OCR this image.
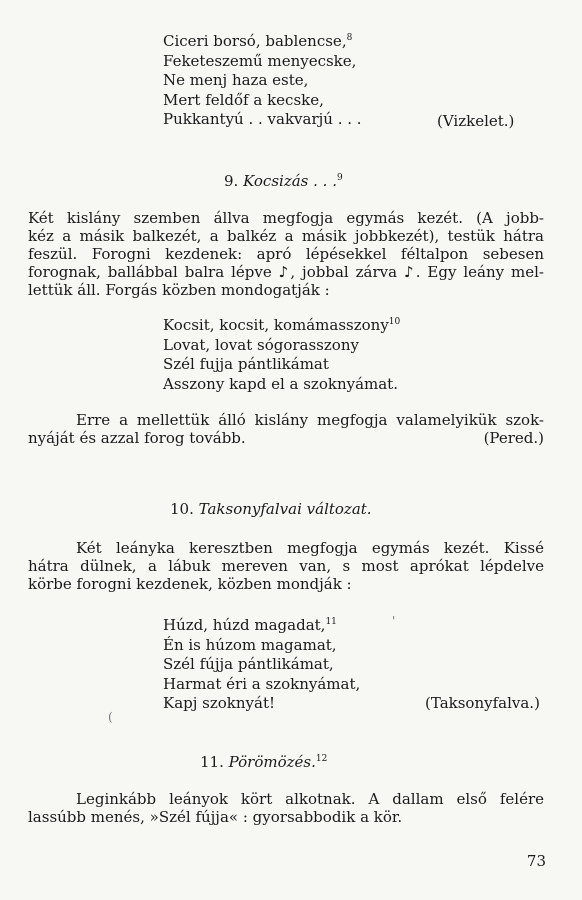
Ciceri borsó, bablencse,$^8$
Feketeszemű menyecske,
Ne menj haza este,
Mert feldőf a kecske,
Pukkantyú . . vakvarjú . . .	(Vizkelet.)
9. Kocsizás . . .$^9$
Két kislány szemben állva megfogja egymás kezét. (A jobb-
kéz a másik balkezét, a balkéz a másik jobbkezét), testük hátra
feszül. Forogni kezdenek: apró lépésekkel féltalpon sebesen
forognak, ballábbal balra lépve ♪, jobbal zárva ♪. Egy leány mel-
lettük áll. Forgás közben mondogatják :
Kocsit, kocsit, komámasszony$^{10}$
Lovat, lovat sógorasszony
Szél fujja pántlikámat
Asszony kapd el a szoknyámat.
Erre a mellettük álló kislány megfogja valamelyikük szok-
nyáját és azzal forog tovább.	(Pered.)
10. Taksonyfalvai változat.
Két leányka keresztben megfogja egymás kezét. Kissé
hátra dülnek, a lábuk mereven van, s most aprókat lépdelve
körbe forogni kezdenek, közben mondják :
Húzd, húzd magadat,$^{11}$
Én is húzom magamat,
Szél fújja pántlikámat,
Harmat éri a szoknyámat,
Kapj szoknyát!	(Taksonyfalva.)
11. Pörömözés.$^{12}$
Leginkább leányok kört alkotnak. A dallam első felére
lassúbb menés, »Szél fújja« : gyorsabbodik a kör.
73
(
'
